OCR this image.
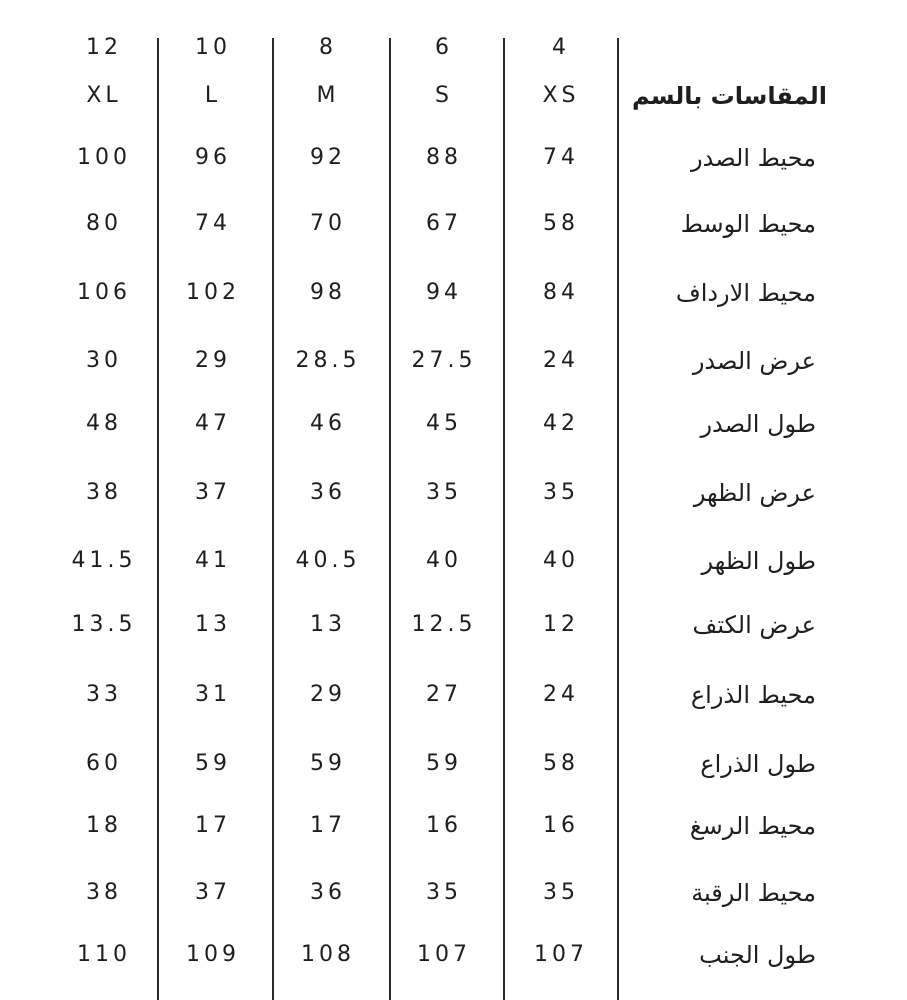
المقاسات بالسم
4
XS
6
S
8
M
10
L
12
XL
محيط الصدر
74
88
92
96
100
محيط الوسط
58
67
70
74
80
محيط الارداف
84
94
98
102
106
عرض الصدر
24
27.5
28.5
29
30
طول الصدر
42
45
46
47
48
عرض الظهر
35
35
36
37
38
طول الظهر
40
40
40.5
41
41.5
عرض الكتف
12
12.5
13
13
13.5
محيط الذراع
24
27
29
31
33
طول الذراع
58
59
59
59
60
محيط الرسغ
16
16
17
17
18
محيط الرقبة
35
35
36
37
38
طول الجنب
107
107
108
109
110
